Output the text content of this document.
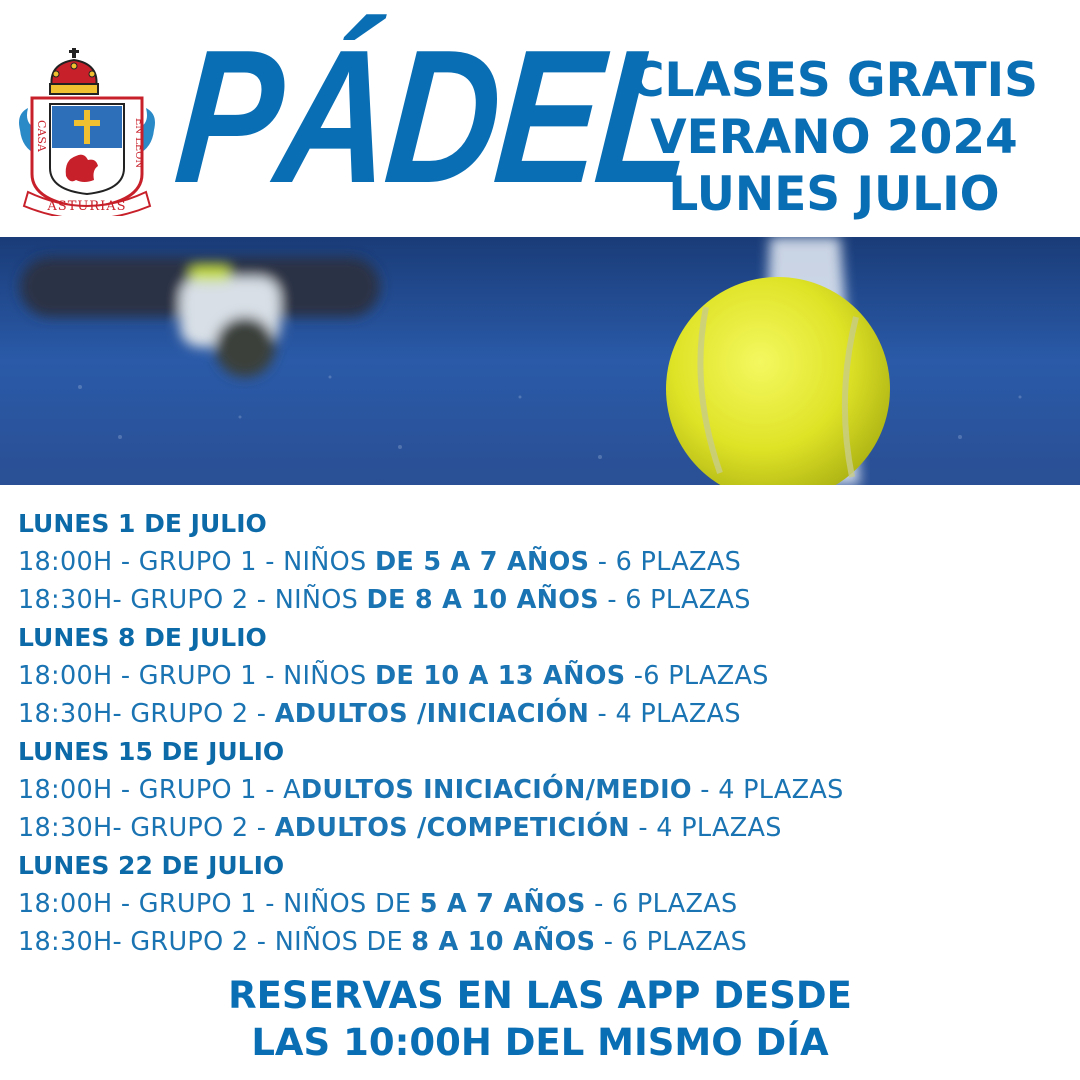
CASA	EN LEON
ASTURIAS PÁDEL
CLASES GRATIS
VERANO 2024
LUNES JULIO
LUNES 1 DE JULIO
18:00H - GRUPO 1 - NIÑOS DE 5 A 7 AÑOS - 6 PLAZAS
18:30H- GRUPO 2 - NIÑOS DE 8 A 10 AÑOS - 6 PLAZAS
LUNES 8 DE JULIO
18:00H - GRUPO 1 - NIÑOS DE 10 A 13 AÑOS -6 PLAZAS
18:30H- GRUPO 2 - ADULTOS /INICIACIÓN - 4 PLAZAS
LUNES 15 DE JULIO
18:00H - GRUPO 1 - ADULTOS INICIACIÓN/MEDIO - 4 PLAZAS
18:30H- GRUPO 2 - ADULTOS /COMPETICIÓN - 4 PLAZAS
LUNES 22 DE JULIO
18:00H - GRUPO 1 - NIÑOS DE 5 A 7 AÑOS - 6 PLAZAS
18:30H- GRUPO 2 - NIÑOS DE 8 A 10 AÑOS - 6 PLAZAS
RESERVAS EN LAS APP DESDE
LAS 10:00H DEL MISMO DÍA
